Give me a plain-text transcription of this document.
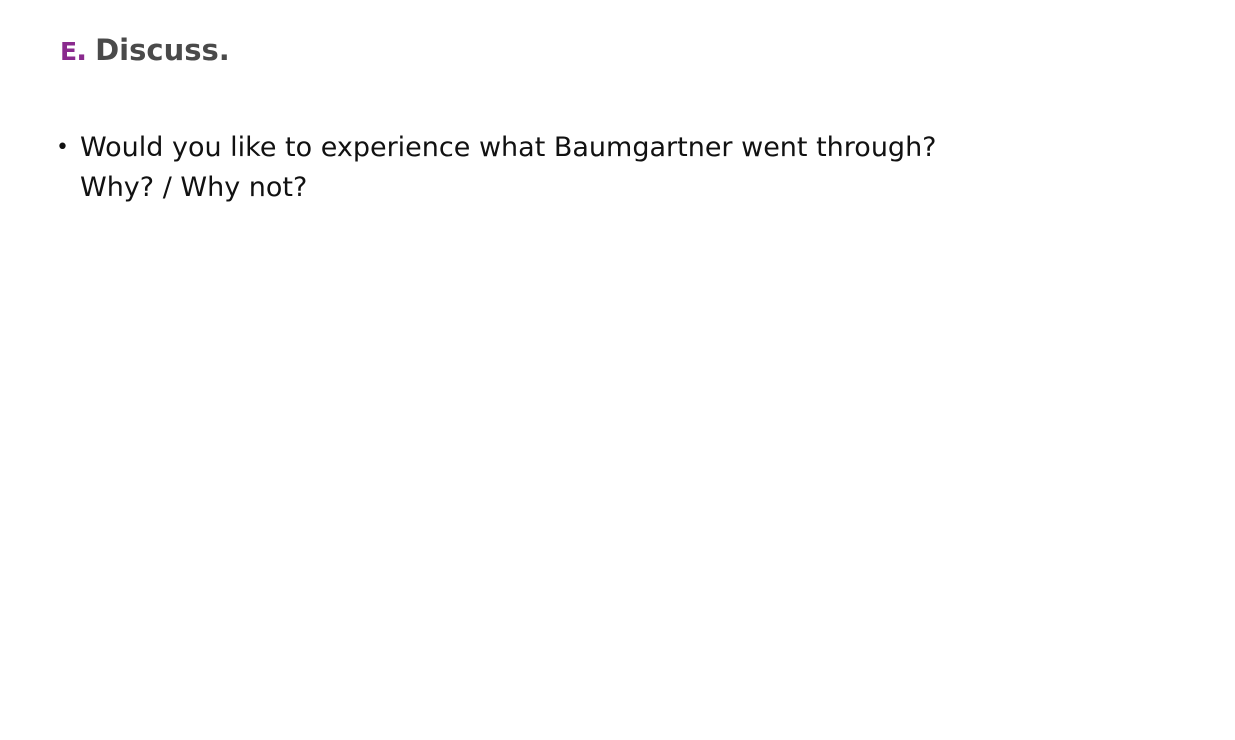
E. Discuss.
• Would you like to experience what Baumgartner went through?
Why? / Why not?
